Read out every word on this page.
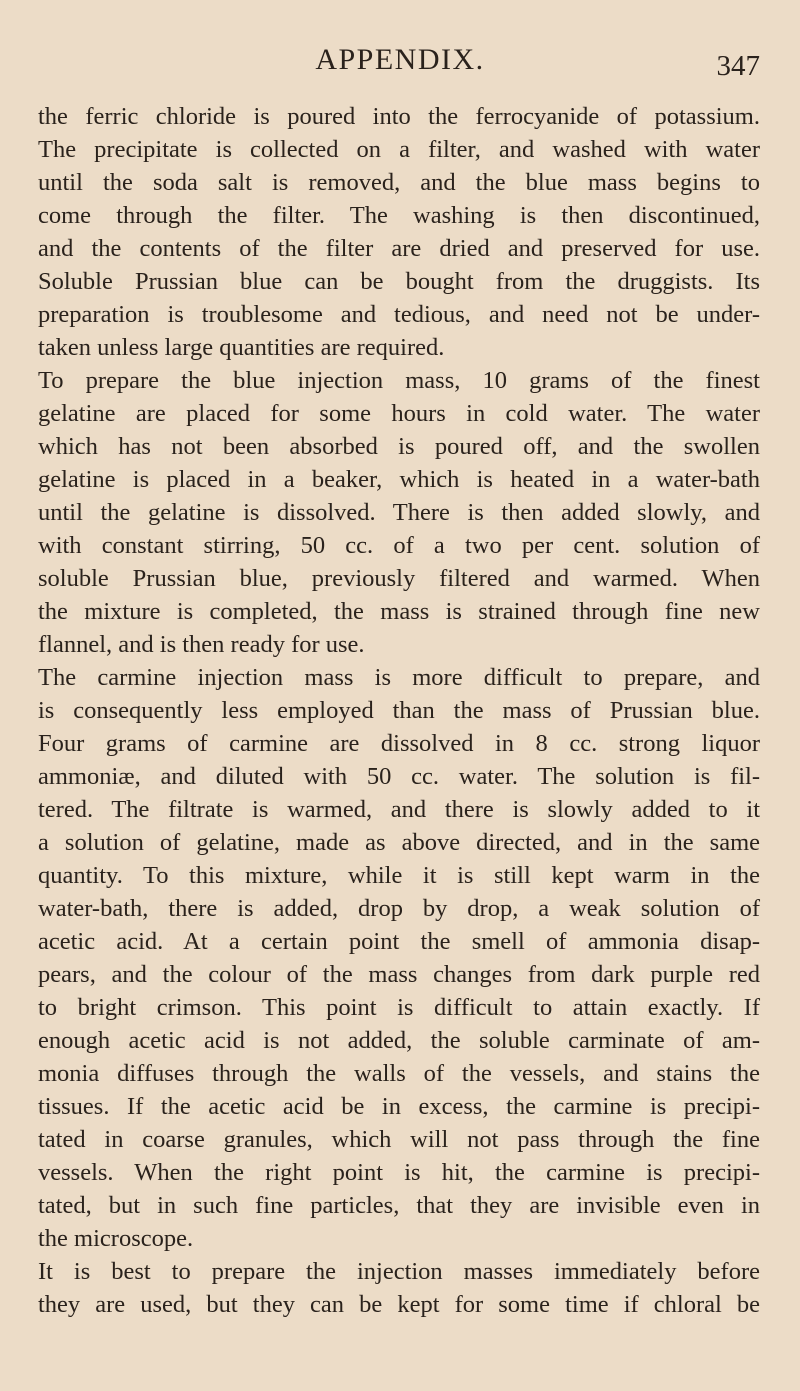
APPENDIX.	347
the ferric chloride is poured into the ferrocyanide of potassium.
The precipitate is collected on a filter, and washed with water
until the soda salt is removed, and the blue mass begins to
come through the filter. The washing is then discontinued,
and the contents of the filter are dried and preserved for use.
Soluble Prussian blue can be bought from the druggists. Its
preparation is troublesome and tedious, and need not be under-
taken unless large quantities are required.
To prepare the blue injection mass, 10 grams of the finest
gelatine are placed for some hours in cold water. The water
which has not been absorbed is poured off, and the swollen
gelatine is placed in a beaker, which is heated in a water-bath
until the gelatine is dissolved. There is then added slowly, and
with constant stirring, 50 cc. of a two per cent. solution of
soluble Prussian blue, previously filtered and warmed. When
the mixture is completed, the mass is strained through fine new
flannel, and is then ready for use.
The carmine injection mass is more difficult to prepare, and
is consequently less employed than the mass of Prussian blue.
Four grams of carmine are dissolved in 8 cc. strong liquor
ammoniæ, and diluted with 50 cc. water. The solution is fil-
tered. The filtrate is warmed, and there is slowly added to it
a solution of gelatine, made as above directed, and in the same
quantity. To this mixture, while it is still kept warm in the
water-bath, there is added, drop by drop, a weak solution of
acetic acid. At a certain point the smell of ammonia disap-
pears, and the colour of the mass changes from dark purple red
to bright crimson. This point is difficult to attain exactly. If
enough acetic acid is not added, the soluble carminate of am-
monia diffuses through the walls of the vessels, and stains the
tissues. If the acetic acid be in excess, the carmine is precipi-
tated in coarse granules, which will not pass through the fine
vessels. When the right point is hit, the carmine is precipi-
tated, but in such fine particles, that they are invisible even in
the microscope.
It is best to prepare the injection masses immediately before
they are used, but they can be kept for some time if chloral be
